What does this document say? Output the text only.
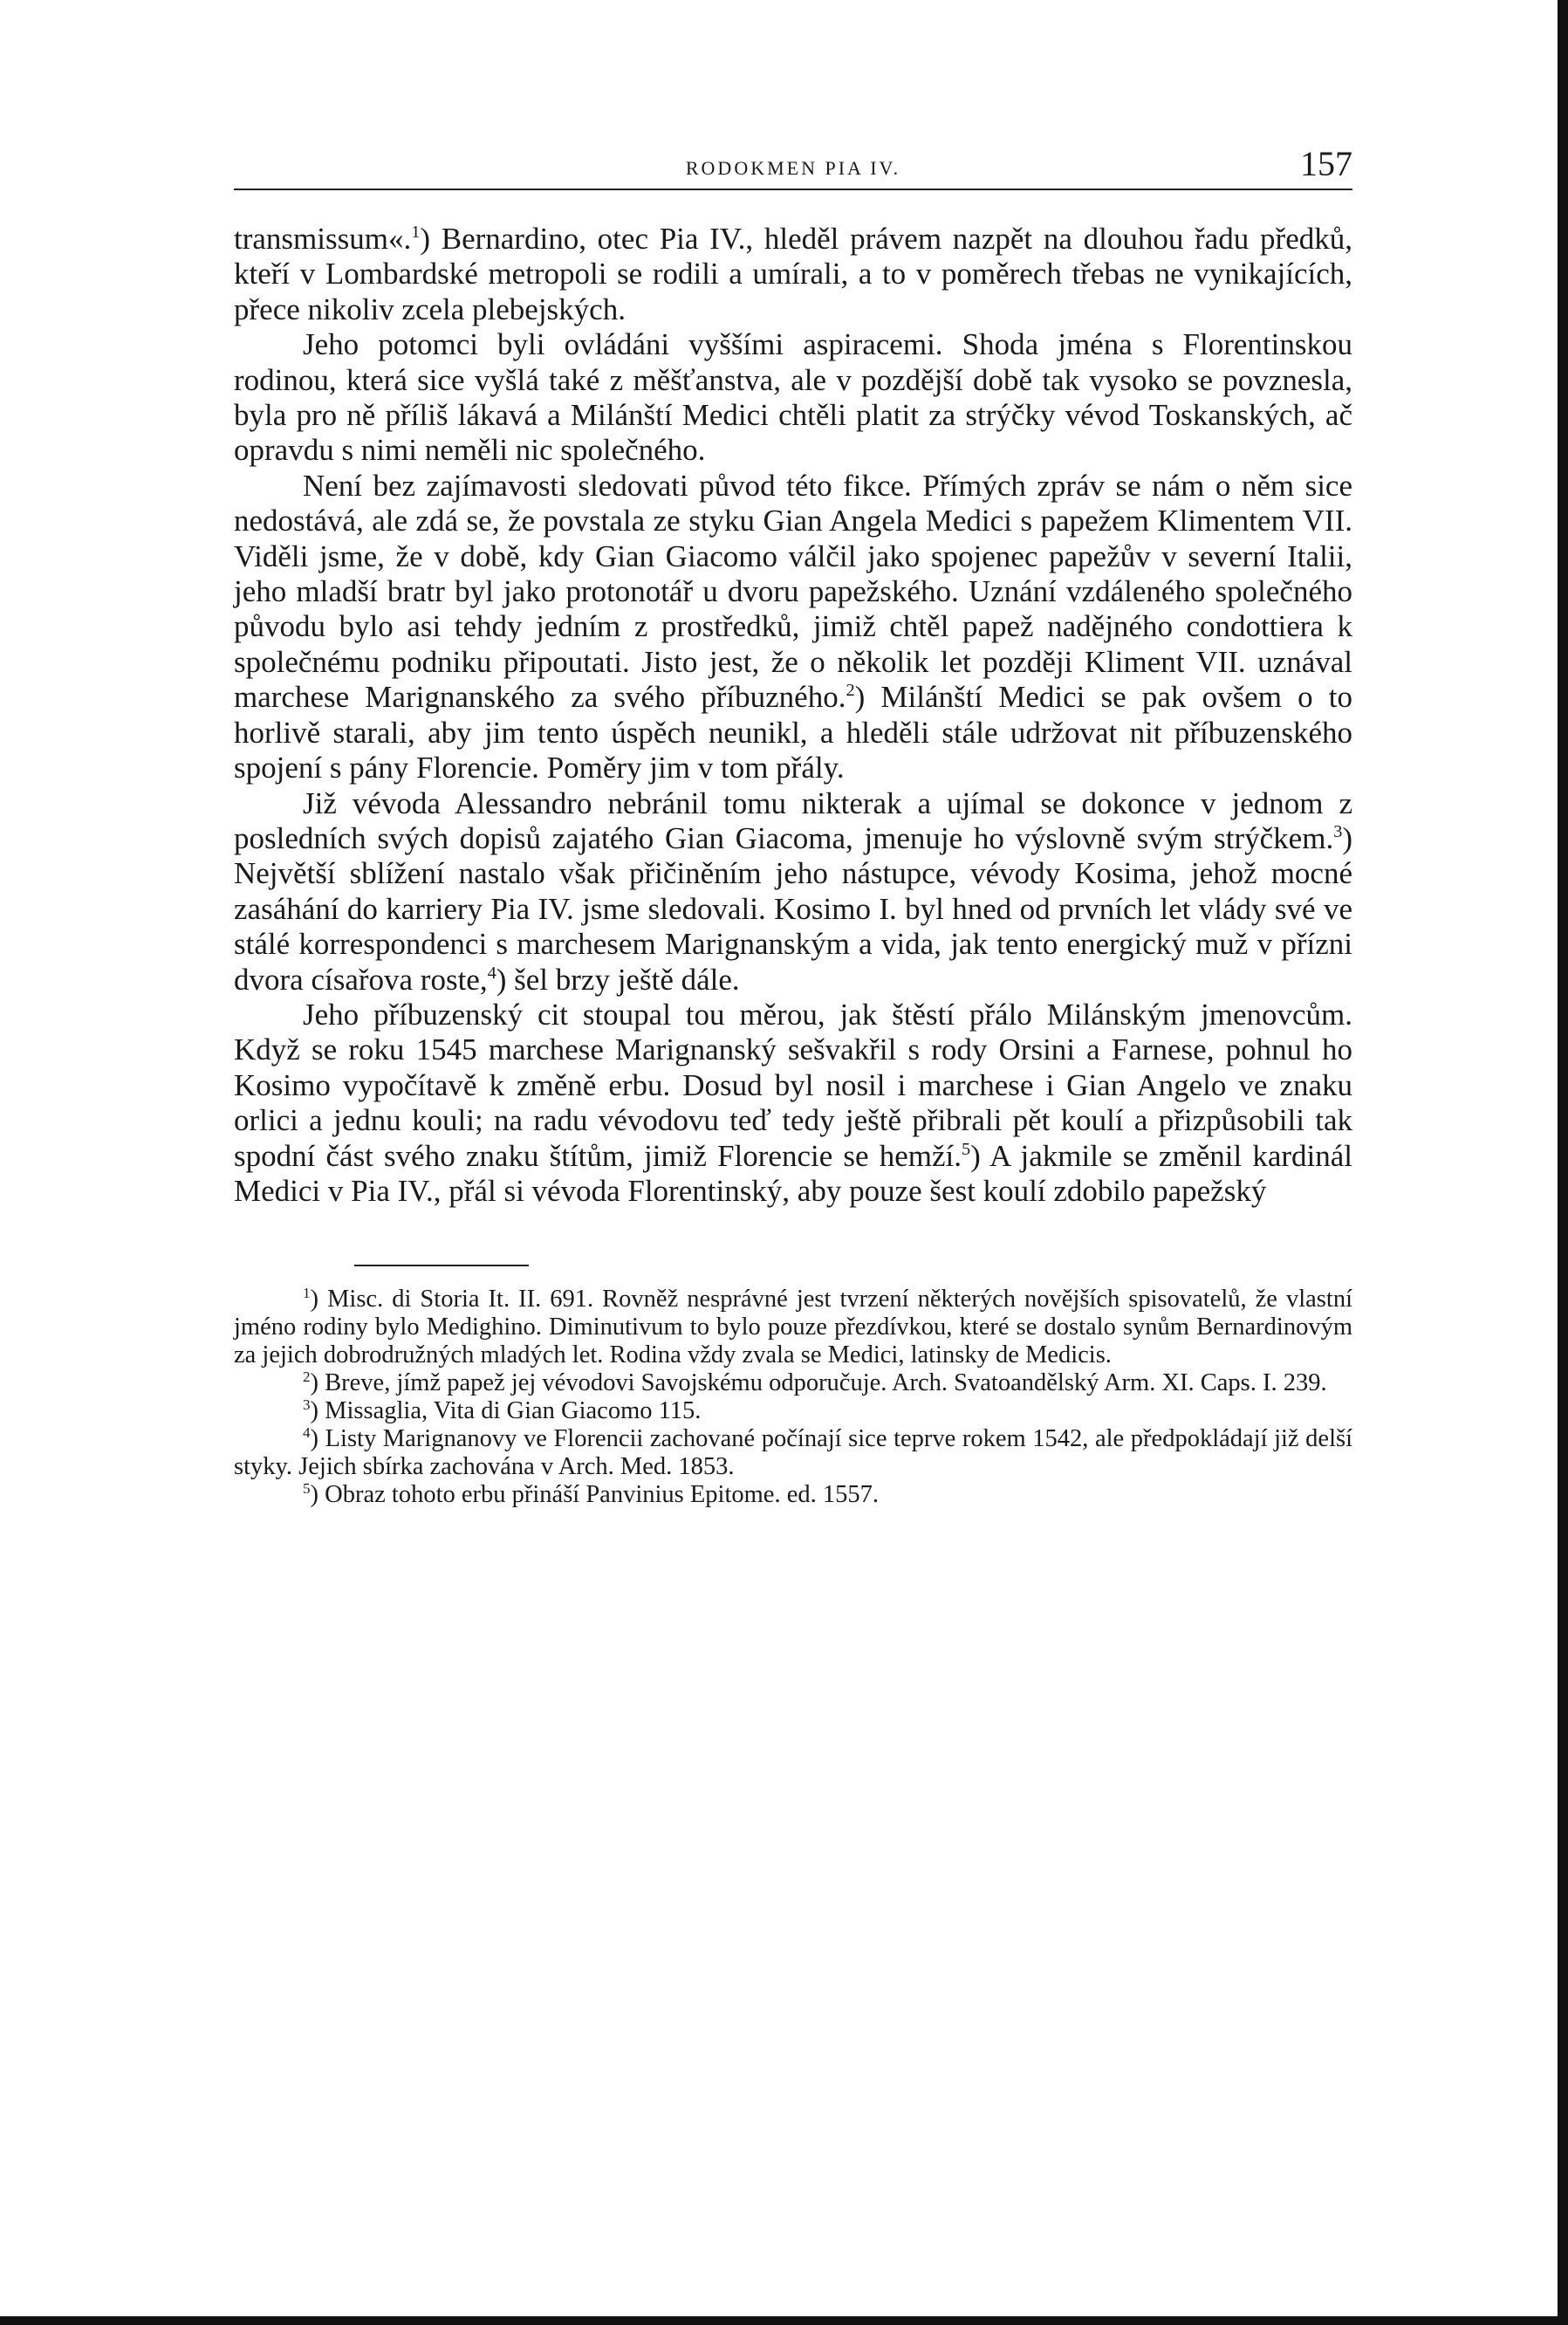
RODOKMEN PIA IV.	157

transmissum«.$^1$) Bernardino, otec Pia IV., hleděl právem nazpět na dlouhou řadu předků, kteří v Lombardské metropoli se rodili a umírali, a to v poměrech třebas ne vynikajících, přece nikoliv zcela plebejských.

Jeho potomci byli ovládáni vyššími aspiracemi. Shoda jména s Florentinskou rodinou, která sice vyšlá také z měšťanstva, ale v pozdější době tak vysoko se povznesla, byla pro ně příliš lákavá a Milánští Medici chtěli platit za strýčky vévod Toskanských, ač opravdu s nimi neměli nic společného.

Není bez zajímavosti sledovati původ této fikce. Přímých zpráv se nám o něm sice nedostává, ale zdá se, že povstala ze styku Gian Angela Medici s papežem Klimentem VII. Viděli jsme, že v době, kdy Gian Giacomo válčil jako spojenec papežův v severní Italii, jeho mladší bratr byl jako protonotář u dvoru papežského. Uznání vzdáleného společného původu bylo asi tehdy jedním z prostředků, jimiž chtěl papež nadějného condottiera k společnému podniku připoutati. Jisto jest, že o několik let později Kliment VII. uznával marchese Marignanského za svého příbuzného.$^2$) Milánští Medici se pak ovšem o to horlivě starali, aby jim tento úspěch neunikl, a hleděli stále udržovat nit příbuzenského spojení s pány Florencie. Poměry jim v tom přály.

Již vévoda Alessandro nebránil tomu nikterak a ujímal se dokonce v jednom z posledních svých dopisů zajatého Gian Giacoma, jmenuje ho výslovně svým strýčkem.$^3$) Největší sblížení nastalo však přičiněním jeho nástupce, vévody Kosima, jehož mocné zasáhání do karriery Pia IV. jsme sledovali. Kosimo I. byl hned od prvních let vlády své ve stálé korrespondenci s marchesem Marignanským a vida, jak tento energický muž v přízni dvora císařova roste,$^4$) šel brzy ještě dále.

Jeho příbuzenský cit stoupal tou měrou, jak štěstí přálo Milánským jmenovcům. Když se roku 1545 marchese Marignanský sešvakřil s rody Orsini a Farnese, pohnul ho Kosimo vypočítavě k změně erbu. Dosud byl nosil i marchese i Gian Angelo ve znaku orlici a jednu kouli; na radu vévodovu teď tedy ještě přibrali pět koulí a přizpůsobili tak spodní část svého znaku štítům, jimiž Florencie se hemží.$^5$) A jakmile se změnil kardinál Medici v Pia IV., přál si vévoda Florentinský, aby pouze šest koulí zdobilo papežský

$^1$) Misc. di Storia It. II. 691. Rovněž nesprávné jest tvrzení některých novějších spisovatelů, že vlastní jméno rodiny bylo Medighino. Diminutivum to bylo pouze přezdívkou, které se dostalo synům Bernardinovým za jejich dobrodružných mladých let. Rodina vždy zvala se Medici, latinsky de Medicis.

$^2$) Breve, jímž papež jej vévodovi Savojskému odporučuje. Arch. Svatoandělský Arm. XI. Caps. I. 239.

$^3$) Missaglia, Vita di Gian Giacomo 115.

$^4$) Listy Marignanovy ve Florencii zachované počínají sice teprve rokem 1542, ale předpokládají již delší styky. Jejich sbírka zachována v Arch. Med. 1853.

$^5$) Obraz tohoto erbu přináší Panvinius Epitome. ed. 1557.
